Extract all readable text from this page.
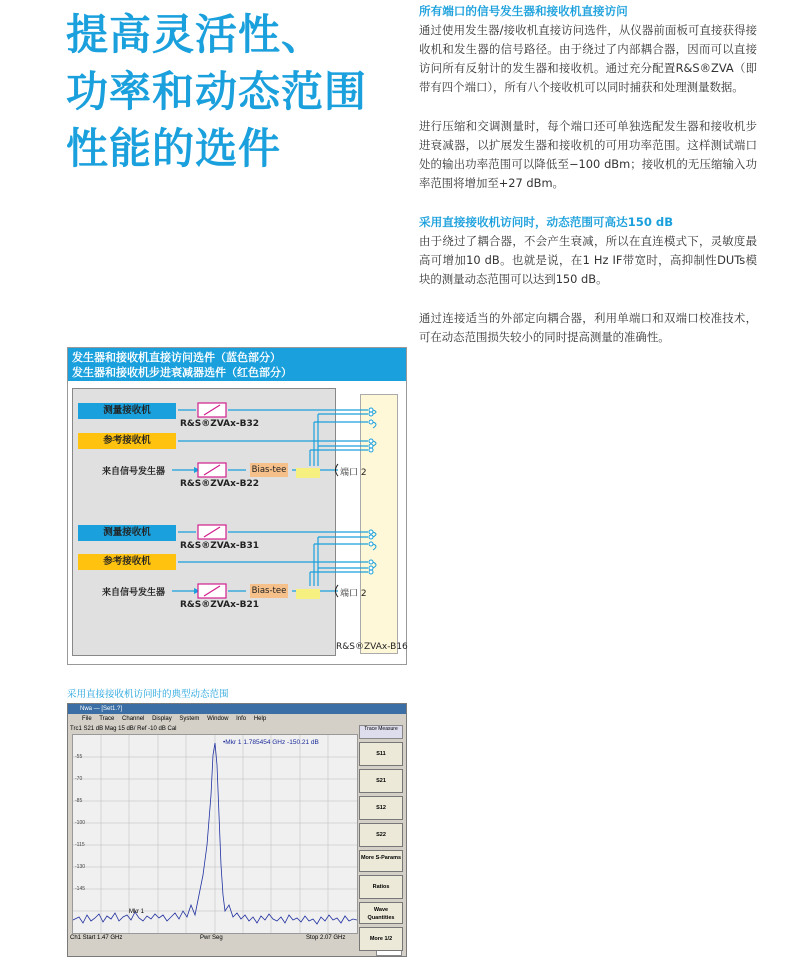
提高灵活性、
功率和动态范围
性能的选件
所有端口的信号发生器和接收机直接访问

通过使用发生器/接收机直接访问选件，从仪器前面板可直接获得接收机和发生器的信号路径。由于绕过了内部耦合器，因而可以直接访问所有反射计的发生器和接收机。通过充分配置R&S®ZVA（即带有四个端口），所有八个接收机可以同时捕获和处理测量数据。

进行压缩和交调测量时，每个端口还可单独选配发生器和接收机步进衰减器，以扩展发生器和接收机的可用功率范围。这样测试端口处的输出功率范围可以降低至−100 dBm；接收机的无压缩输入功率范围将增加至+27 dBm。

采用直接接收机访问时，动态范围可高达150 dB

由于绕过了耦合器，不会产生衰减，所以在直连模式下，灵敏度最高可增加10 dB。也就是说，在1 Hz IF带宽时，高抑制性DUTs模块的测量动态范围可以达到150 dB。

通过连接适当的外部定向耦合器，利用单端口和双端口校准技术，可在动态范围损失较小的同时提高测量的准确性。

发生器和接收机直接访问选件（蓝色部分）
发生器和接收机步进衰减器选件（红色部分）
测量接收机
R&S®ZVAx-B32
参考接收机
来自信号发生器
R&S®ZVAx-B22
Bias-tee	端口 2
测量接收机
R&S®ZVAx-B31
参考接收机
来自信号发生器
R&S®ZVAx-B21
Bias-tee	端口 2
R&S®ZVAx-B16
采用直接接收机访问时的典型动态范围
Nwa — [Set1.?]
File Trace Channel Display System Window Info Help
Trc1 S21 dB Mag 15 dB/ Ref -10 dB Cal
•Mkr 1 1.785454 GHz -150.21 dB
Mkr 1
-55
-70
-85
-100
-115
-130
-145
Ch1 Start 1.47 GHz	Pwr Seg	Stop 2.07 GHz
Trace Measure
S11
S21
S12
S22
More S-Params
Ratios
Wave Quantities
More 1/2
